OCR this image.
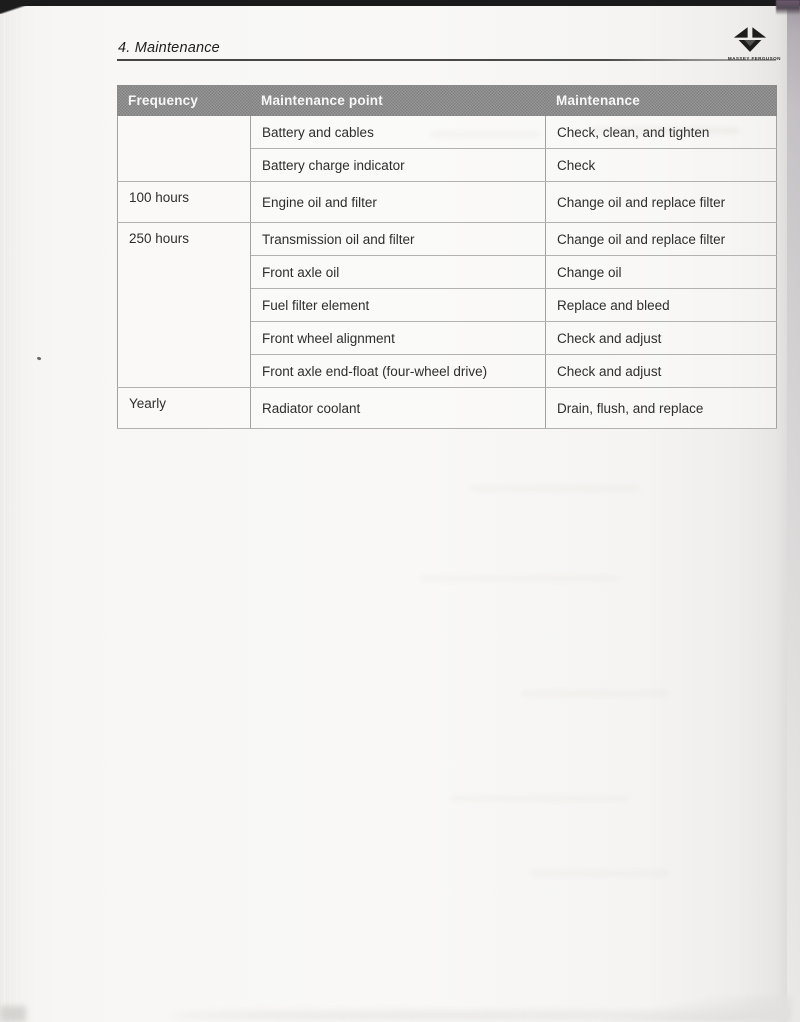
4. Maintenance
MASSEY FERGUSON
Frequency	Maintenance point	Maintenance
	Battery and cables	Check, clean, and tighten
	Battery charge indicator	Check
100 hours	Engine oil and filter	Change oil and replace filter
250 hours	Transmission oil and filter	Change oil and replace filter
	Front axle oil	Change oil
	Fuel filter element	Replace and bleed
	Front wheel alignment	Check and adjust
	Front axle end-float (four-wheel drive)	Check and adjust
Yearly	Radiator coolant	Drain, flush, and replace
